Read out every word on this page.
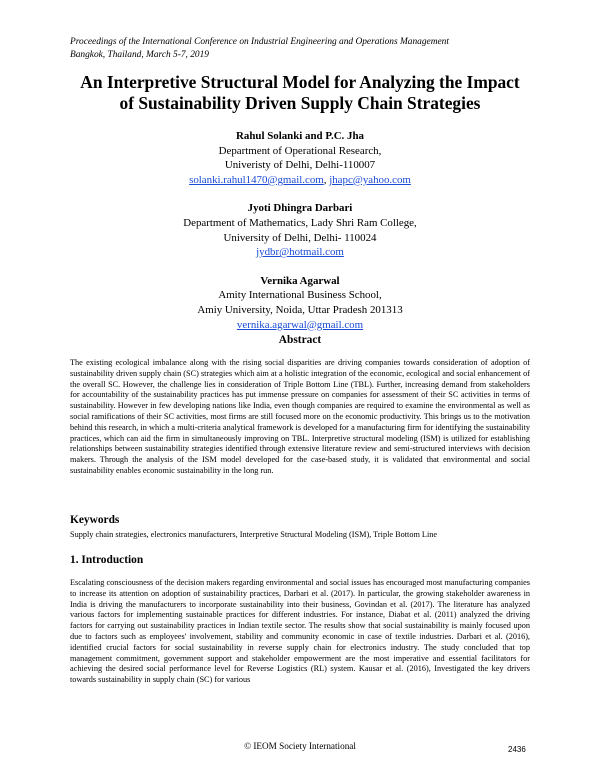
Proceedings of the International Conference on Industrial Engineering and Operations Management
Bangkok, Thailand, March 5-7, 2019
An Interpretive Structural Model for Analyzing the Impact
of Sustainability Driven Supply Chain Strategies
Rahul Solanki and P.C. Jha
Department of Operational Research,
Univeristy of Delhi, Delhi-110007
solanki.rahul1470@gmail.com, jhapc@yahoo.com
Jyoti Dhingra Darbari
Department of Mathematics, Lady Shri Ram College,
University of Delhi, Delhi- 110024
jydbr@hotmail.com
Vernika Agarwal
Amity International Business School,
Amiy University, Noida, Uttar Pradesh 201313
vernika.agarwal@gmail.com
Abstract
The existing ecological imbalance along with the rising social disparities are driving companies towards consideration of adoption of sustainability driven supply chain (SC) strategies which aim at a holistic integration of the economic, ecological and social enhancement of the overall SC. However, the challenge lies in consideration of Triple Bottom Line (TBL). Further, increasing demand from stakeholders for accountability of the sustainability practices has put immense pressure on companies for assessment of their SC activities in terms of sustainability. However in few developing nations like India, even though companies are required to examine the environmental as well as social ramifications of their SC activities, most firms are still focused more on the economic productivity. This brings us to the motivation behind this research, in which a multi-criteria analytical framework is developed for a manufacturing firm for identifying the sustainability practices, which can aid the firm in simultaneously improving on TBL. Interpretive structural modeling (ISM) is utilized for establishing relationships between sustainability strategies identified through extensive literature review and semi-structured interviews with decision makers. Through the analysis of the ISM model developed for the case-based study, it is validated that environmental and social sustainability enables economic sustainability in the long run.
Keywords
Supply chain strategies, electronics manufacturers, Interpretive Structural Modeling (ISM), Triple Bottom Line
1. Introduction
Escalating consciousness of the decision makers regarding environmental and social issues has encouraged most manufacturing companies to increase its attention on adoption of sustainability practices, Darbari et al. (2017). In particular, the growing stakeholder awareness in India is driving the manufacturers to incorporate sustainability into their business, Govindan et al. (2017). The literature has analyzed various factors for implementing sustainable practices for different industries. For instance, Diabat et al. (2011) analyzed the driving factors for carrying out sustainability practices in Indian textile sector. The results show that social sustainability is mainly focused upon due to factors such as employees' involvement, stability and community economic in case of textile industries. Darbari et al. (2016), identified crucial factors for social sustainability in reverse supply chain for electronics industry. The study concluded that top management commitment, government support and stakeholder empowerment are the most imperative and essential facilitators for achieving the desired social performance level for Reverse Logistics (RL) system. Kausar et al. (2016), Investigated the key drivers towards sustainability in supply chain (SC) for various
© IEOM Society International	2436
